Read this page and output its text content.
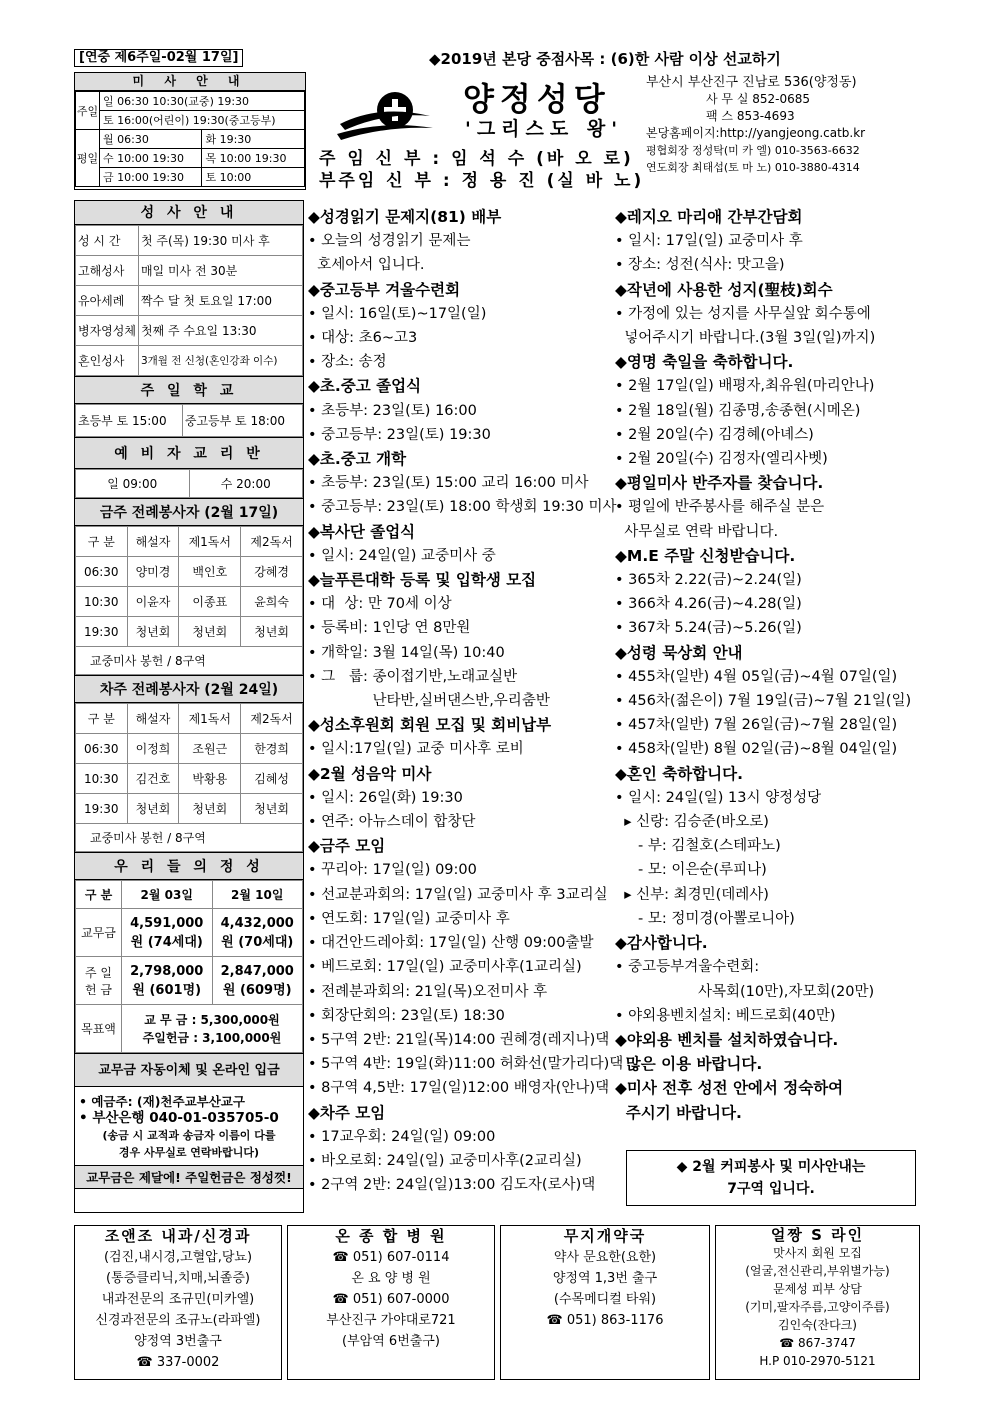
[연중 제6주일-02월 17일]	◆2019년 본당 중점사목 : (6)한 사람 이상 선교하기
미 사 안 내
주일	일 06:30 10:30(교중) 19:30	
	토 16:00(어린이) 19:30(중고등부)	
평일	월 06:30	화 19:30
	수 10:00 19:30	목 10:00 19:30
	금 10:00 19:30	토 10:00
양정성당
'그리스도 왕'
주 임 신 부 : 임 석 수 (바 오 로)
부주임 신 부 : 정 용 진 (실 바 노)
부산시 부산진구 진남로 536(양정동)
사 무 실 852-0685
팩 스 853-4693
본당홈페이지:http://yangjeong.catb.kr
평협회장 정성탁(미 카 엘) 010-3563-6632
연도회장 최태섭(토 마 노) 010-3880-4314
성 사 안 내
성 시 간	첫 주(목) 19:30 미사 후
고해성사	매일 미사 전 30분
유아세례	짝수 달 첫 토요일 17:00
병자영성체	첫째 주 수요일 13:30
혼인성사	3개월 전 신청(혼인강좌 이수)
주 일 학 교
초등부 토 15:00	중고등부 토 18:00
예 비 자 교 리 반
일 09:00	수 20:00
금주 전례봉사자 (2월 17일)
구 분	해설자	제1독서	제2독서
06:30	양미경	백인호	강혜경
10:30	이윤자	이종표	윤희숙
19:30	청년회	청년회	청년회
교중미사 봉헌 / 8구역			
차주 전례봉사자 (2월 24일)
구 분	해설자	제1독서	제2독서
06:30	이정희	조원근	한경희
10:30	김건호	박황용	김혜성
19:30	청년회	청년회	청년회
교중미사 봉헌 / 8구역			
우 리 들 의 정 성
구 분	2월 03일	2월 10일
교무금	4,591,000원 (74세대)	4,432,000원 (70세대)
주 일 헌 금	2,798,000원 (601명)	2,847,000원 (609명)
목표액	교 무 금 : 5,300,000원
주일헌금 : 3,100,000원	
교무금 자동이체 및 온라인 입금
• 예금주: (재)천주교부산교구
• 부산은행 040-01-035705-0
(송금 시 교적과 송금자 이름이 다를
경우 사무실로 연락바랍니다)
교무금은 제달에! 주일헌금은 정성껏!
◆성경읽기 문제지(81) 배부
• 오늘의 성경읽기 문제는
호세아서 입니다.
◆중고등부 겨울수련회
• 일시: 16일(토)~17일(일)
• 대상: 초6~고3
• 장소: 송정
◆초.중고 졸업식
• 초등부: 23일(토) 16:00
• 중고등부: 23일(토) 19:30
◆초.중고 개학
• 초등부: 23일(토) 15:00 교리 16:00 미사
• 중고등부: 23일(토) 18:00 학생회 19:30 미사
◆복사단 졸업식
• 일시: 24일(일) 교중미사 중
◆늘푸른대학 등록 및 입학생 모집
• 대  상: 만 70세 이상
• 등록비: 1인당 연 8만원
• 개학일: 3월 14일(목) 10:40
• 그   룹: 종이접기반,노래교실반
난타반,실버댄스반,우리춤반
◆성소후원회 회원 모집 및 회비납부
• 일시:17일(일) 교중 미사후 로비
◆2월 성음악 미사
• 일시: 26일(화) 19:30
• 연주: 아뉴스데이 합창단
◆금주 모임
• 꾸리아: 17일(일) 09:00
• 선교분과회의: 17일(일) 교중미사 후 3교리실
• 연도회: 17일(일) 교중미사 후
• 대건안드레아회: 17일(일) 산행 09:00출발
• 베드로회: 17일(일) 교중미사후(1교리실)
• 전례분과회의: 21일(목)오전미사 후
• 회장단회의: 23일(토) 18:30
• 5구역 2반: 21일(목)14:00 권혜경(레지나)댁
• 5구역 4반: 19일(화)11:00 허화선(말가리다)댁
• 8구역 4,5반: 17일(일)12:00 배영자(안나)댁
◆차주 모임
• 17교우회: 24일(일) 09:00
• 바오로회: 24일(일) 교중미사후(2교리실)
• 2구역 2반: 24일(일)13:00 김도자(로사)댁
◆레지오 마리애 간부간담회
• 일시: 17일(일) 교중미사 후
• 장소: 성전(식사: 맛고을)
◆작년에 사용한 성지(聖枝)회수
• 가정에 있는 성지를 사무실앞 회수통에
넣어주시기 바랍니다.(3월 3일(일)까지)
◆영명 축일을 축하합니다.
• 2월 17일(일) 배평자,최유원(마리안나)
• 2월 18일(월) 김종명,송종현(시메온)
• 2월 20일(수) 김경혜(아녜스)
• 2월 20일(수) 김정자(엘리사벳)
◆평일미사 반주자를 찾습니다.
• 평일에 반주봉사를 해주실 분은
사무실로 연락 바랍니다.
◆M.E 주말 신청받습니다.
• 365차 2.22(금)~2.24(일)
• 366차 4.26(금)~4.28(일)
• 367차 5.24(금)~5.26(일)
◆성령 묵상회 안내
• 455차(일반) 4월 05일(금)~4월 07일(일)
• 456차(젊은이) 7월 19일(금)~7월 21일(일)
• 457차(일반) 7월 26일(금)~7월 28일(일)
• 458차(일반) 8월 02일(금)~8월 04일(일)
◆혼인 축하합니다.
• 일시: 24일(일) 13시 양정성당
▸ 신랑: 김승준(바오로)
- 부: 김철호(스테파노)
- 모: 이은순(루피나)
▸ 신부: 최경민(데레사)
- 모: 정미경(아뽈로니아)
◆감사합니다.
• 중고등부겨울수련회:
사목회(10만),자모회(20만)
• 야외용벤치설치: 베드로회(40만)
◆야외용 벤치를 설치하였습니다.
많은 이용 바랍니다.
◆미사 전후 성전 안에서 정숙하여
주시기 바랍니다.
◆ 2월 커피봉사 및 미사안내는
7구역 입니다.
조앤조 내과/신경과
(검진,내시경,고혈압,당뇨)
(통증클리닉,치매,뇌졸증)
내과전문의 조규민(미카엘)
신경과전문의 조규노(라파엘)
양정역 3번출구
☎ 337-0002
온 종 합 병 원
☎ 051) 607-0114
온 요 양 병 원
☎ 051) 607-0000
부산진구 가야대로721
(부암역 6번출구)
무지개약국
약사 문요한(요한)
양정역 1,3번 출구
(수목메디컬 타워)
☎ 051) 863-1176
얼짱 S 라인
맛사지 회원 모집
(얼굴,전신관리,부위별가능)
문제성 피부 상담
(기미,팔자주름,고양이주름)
김인숙(잔다크)
☎ 867-3747
H.P 010-2970-5121
